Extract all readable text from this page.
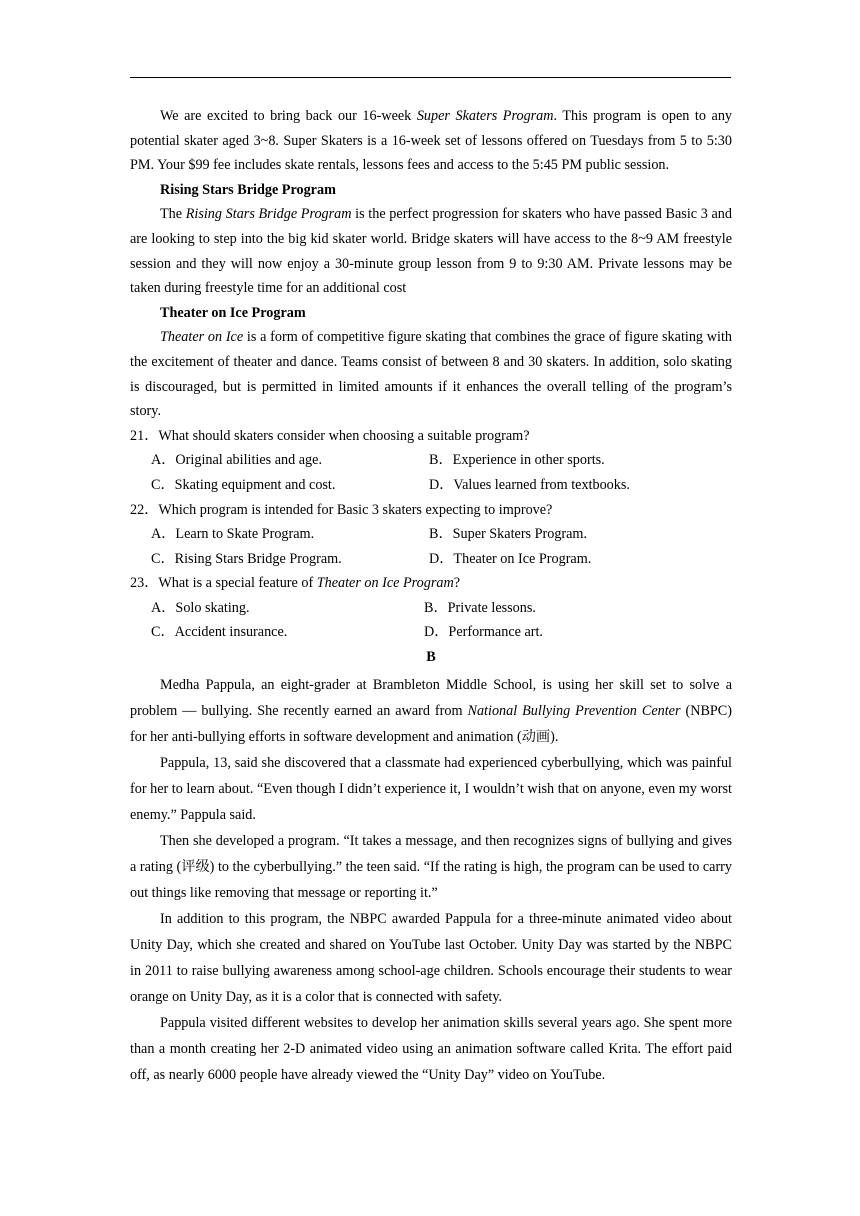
We are excited to bring back our 16-week Super Skaters Program. This program is open to any potential skater aged 3~8. Super Skaters is a 16-week set of lessons offered on Tuesdays from 5 to 5:30 PM. Your $99 fee includes skate rentals, lessons fees and access to the 5:45 PM public session.

Rising Stars Bridge Program

The Rising Stars Bridge Program is the perfect progression for skaters who have passed Basic 3 and are looking to step into the big kid skater world. Bridge skaters will have access to the 8~9 AM freestyle session and they will now enjoy a 30-minute group lesson from 9 to 9:30 AM. Private lessons may be taken during freestyle time for an additional cost

Theater on Ice Program

Theater on Ice is a form of competitive figure skating that combines the grace of figure skating with the excitement of theater and dance. Teams consist of between 8 and 30 skaters. In addition, solo skating is discouraged, but is permitted in limited amounts if it enhances the overall telling of the program’s story.

21．What should skaters consider when choosing a suitable program?

A．Original abilities and age.	B．Experience in other sports.
C．Skating equipment and cost.	D．Values learned from textbooks.

22．Which program is intended for Basic 3 skaters expecting to improve?

A．Learn to Skate Program.	B．Super Skaters Program.
C．Rising Stars Bridge Program.	D．Theater on Ice Program.

23．What is a special feature of Theater on Ice Program?

A．Solo skating.	B．Private lessons.
C．Accident insurance.	D．Performance art.

B

Medha Pappula, an eight-grader at Brambleton Middle School, is using her skill set to solve a problem — bullying. She recently earned an award from National Bullying Prevention Center (NBPC) for her anti-bullying efforts in software development and animation (动画).

Pappula, 13, said she discovered that a classmate had experienced cyberbullying, which was painful for her to learn about. “Even though I didn’t experience it, I wouldn’t wish that on anyone, even my worst enemy.” Pappula said.

Then she developed a program. “It takes a message, and then recognizes signs of bullying and gives a rating (评级) to the cyberbullying.” the teen said. “If the rating is high, the program can be used to carry out things like removing that message or reporting it.”

In addition to this program, the NBPC awarded Pappula for a three-minute animated video about Unity Day, which she created and shared on YouTube last October. Unity Day was started by the NBPC in 2011 to raise bullying awareness among school-age children. Schools encourage their students to wear orange on Unity Day, as it is a color that is connected with safety.

Pappula visited different websites to develop her animation skills several years ago. She spent more than a month creating her 2-D animated video using an animation software called Krita. The effort paid off, as nearly 6000 people have already viewed the “Unity Day” video on YouTube.
